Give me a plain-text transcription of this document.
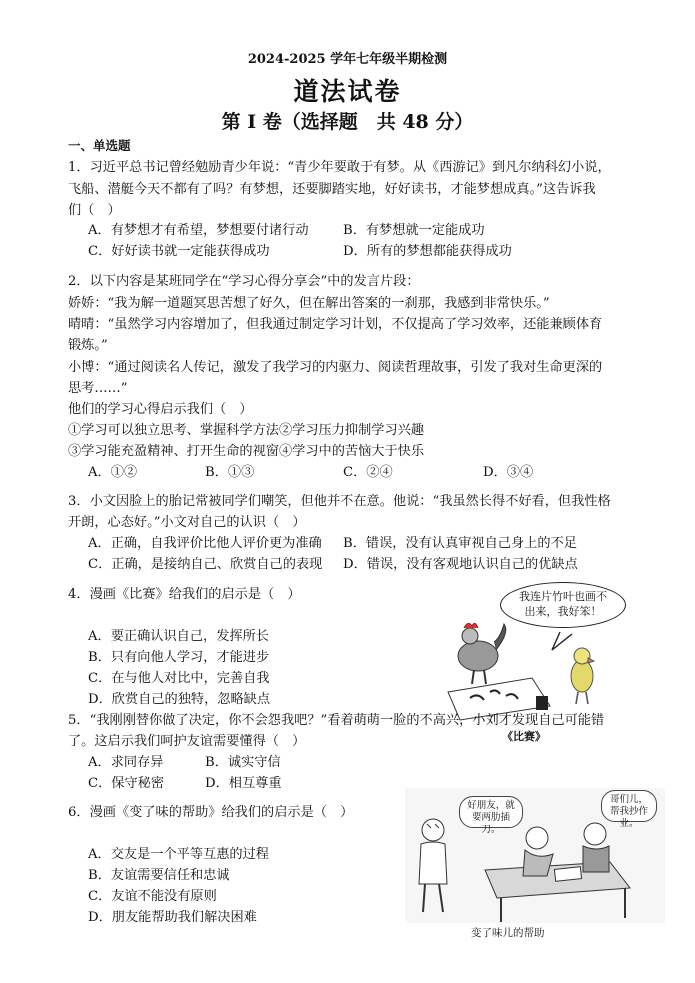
2024-2025 学年七年级半期检测
道法试卷
第 I 卷（选择题　共 48 分）
一、单选题
1．习近平总书记曾经勉励青少年说：“青少年要敢于有梦。从《西游记》到凡尔纳科幻小说，
飞船、潜艇今天不都有了吗？有梦想，还要脚踏实地，好好读书，才能梦想成真。”这告诉我
们（　）
A．有梦想才有希望，梦想要付诸行动	B．有梦想就一定能成功
C．好好读书就一定能获得成功	D．所有的梦想都能获得成功
2．以下内容是某班同学在“学习心得分享会”中的发言片段：
娇娇：“我为解一道题冥思苦想了好久，但在解出答案的一刹那，我感到非常快乐。”
晴晴：“虽然学习内容增加了，但我通过制定学习计划，不仅提高了学习效率，还能兼顾体育
锻炼。”
小博：“通过阅读名人传记，激发了我学习的内驱力、阅读哲理故事，引发了我对生命更深的
思考……”
他们的学习心得启示我们（　）
①学习可以独立思考、掌握科学方法②学习压力抑制学习兴趣
③学习能充盈精神、打开生命的视窗④学习中的苦恼大于快乐
A．①②	B．①③	C．②④	D．③④
3．小文因脸上的胎记常被同学们嘲笑，但他并不在意。他说：“我虽然长得不好看，但我性格
开朗，心态好。”小文对自己的认识（　）
A．正确，自我评价比他人评价更为准确 B．错误，没有认真审视自己身上的不足
C．正确，是接纳自己、欣赏自己的表现 D．错误，没有客观地认识自己的优缺点
4．漫画《比赛》给我们的启示是（　）
A．要正确认识自己，发挥所长
B．只有向他人学习，才能进步
C．在与他人对比中，完善自我
D．欣赏自己的独特，忽略缺点
我连片竹叶也画不出来，我好笨！
《比赛》
5．“我刚刚替你做了决定，你不会怨我吧？”看着萌萌一脸的不高兴，小刘才发现自己可能错
了。这启示我们呵护友谊需要懂得（　）
A．求同存异	B．诚实守信
C．保守秘密	D．相互尊重
6．漫画《变了味的帮助》给我们的启示是（　）
A．交友是一个平等互惠的过程
B．友谊需要信任和忠诚
C．友谊不能没有原则
D．朋友能帮助我们解决困难
好朋友，就要两肋插刀。
哥们儿，帮我抄作业。
变了味儿的帮助
